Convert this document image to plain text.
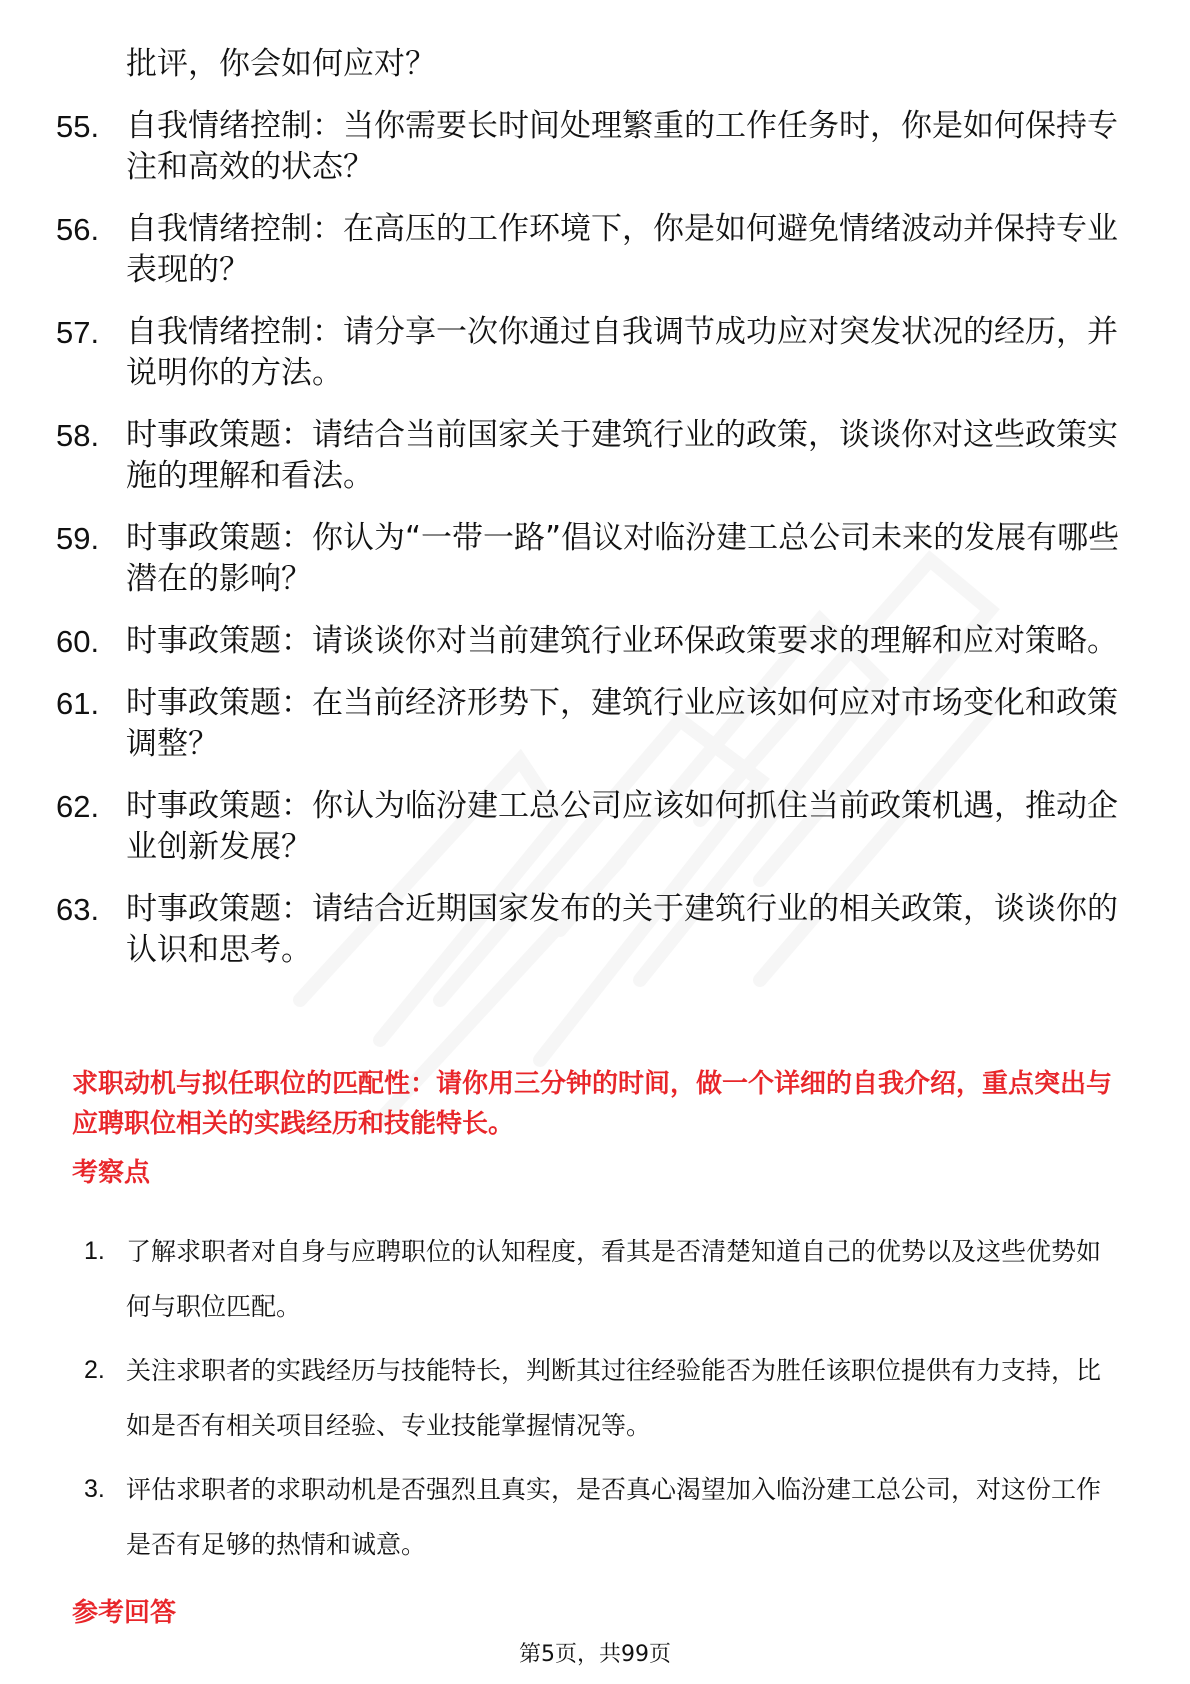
批评，你会如何应对？
55. 自我情绪控制：当你需要长时间处理繁重的工作任务时，你是如何保持专注和高效的状态？
56. 自我情绪控制：在高压的工作环境下，你是如何避免情绪波动并保持专业表现的？
57. 自我情绪控制：请分享一次你通过自我调节成功应对突发状况的经历，并说明你的方法。
58. 时事政策题：请结合当前国家关于建筑行业的政策，谈谈你对这些政策实施的理解和看法。
59. 时事政策题：你认为“一带一路”倡议对临汾建工总公司未来的发展有哪些潜在的影响？
60. 时事政策题：请谈谈你对当前建筑行业环保政策要求的理解和应对策略。
61. 时事政策题：在当前经济形势下，建筑行业应该如何应对市场变化和政策调整？
62. 时事政策题：你认为临汾建工总公司应该如何抓住当前政策机遇，推动企业创新发展？
63. 时事政策题：请结合近期国家发布的关于建筑行业的相关政策，谈谈你的认识和思考。
求职动机与拟任职位的匹配性：请你用三分钟的时间，做一个详细的自我介绍，重点突出与应聘职位相关的实践经历和技能特长。
考察点
1. 了解求职者对自身与应聘职位的认知程度，看其是否清楚知道自己的优势以及这些优势如何与职位匹配。
2. 关注求职者的实践经历与技能特长，判断其过往经验能否为胜任该职位提供有力支持，比如是否有相关项目经验、专业技能掌握情况等。
3. 评估求职者的求职动机是否强烈且真实，是否真心渴望加入临汾建工总公司，对这份工作是否有足够的热情和诚意。
参考回答
第5页，共99页
